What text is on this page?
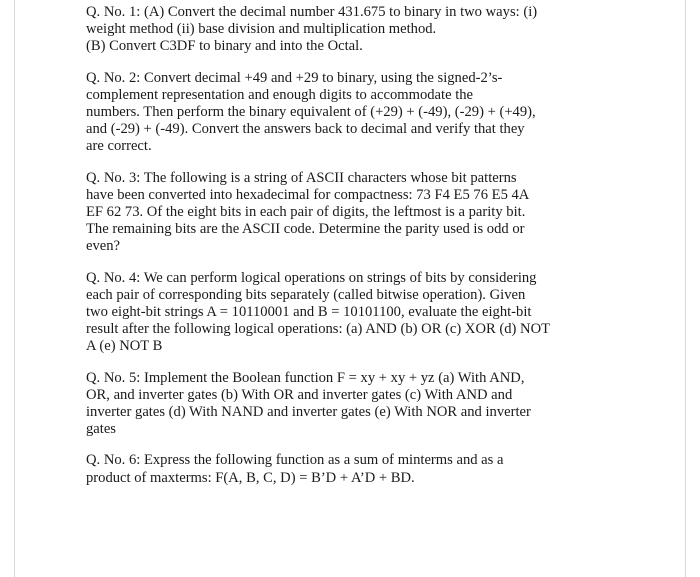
Q. No. 1: (A) Convert the decimal number 431.675 to binary in two ways: (i)
weight method (ii) base division and multiplication method.
(B) Convert C3DF to binary and into the Octal.
Q. No. 2: Convert decimal +49 and +29 to binary, using the signed-2’s-
complement representation and enough digits to accommodate the
numbers. Then perform the binary equivalent of (+29) + (-49), (-29) + (+49),
and (-29) + (-49). Convert the answers back to decimal and verify that they
are correct.
Q. No. 3: The following is a string of ASCII characters whose bit patterns
have been converted into hexadecimal for compactness: 73 F4 E5 76 E5 4A
EF 62 73. Of the eight bits in each pair of digits, the leftmost is a parity bit.
The remaining bits are the ASCII code. Determine the parity used is odd or
even?
Q. No. 4: We can perform logical operations on strings of bits by considering
each pair of corresponding bits separately (called bitwise operation). Given
two eight-bit strings A = 10110001 and B = 10101100, evaluate the eight-bit
result after the following logical operations: (a) AND (b) OR (c) XOR (d) NOT
A (e) NOT B
Q. No. 5: Implement the Boolean function F = xy + xy + yz (a) With AND,
OR, and inverter gates (b) With OR and inverter gates (c) With AND and
inverter gates (d) With NAND and inverter gates (e) With NOR and inverter
gates
Q. No. 6: Express the following function as a sum of minterms and as a
product of maxterms: F(A, B, C, D) = B’D + A’D + BD.
